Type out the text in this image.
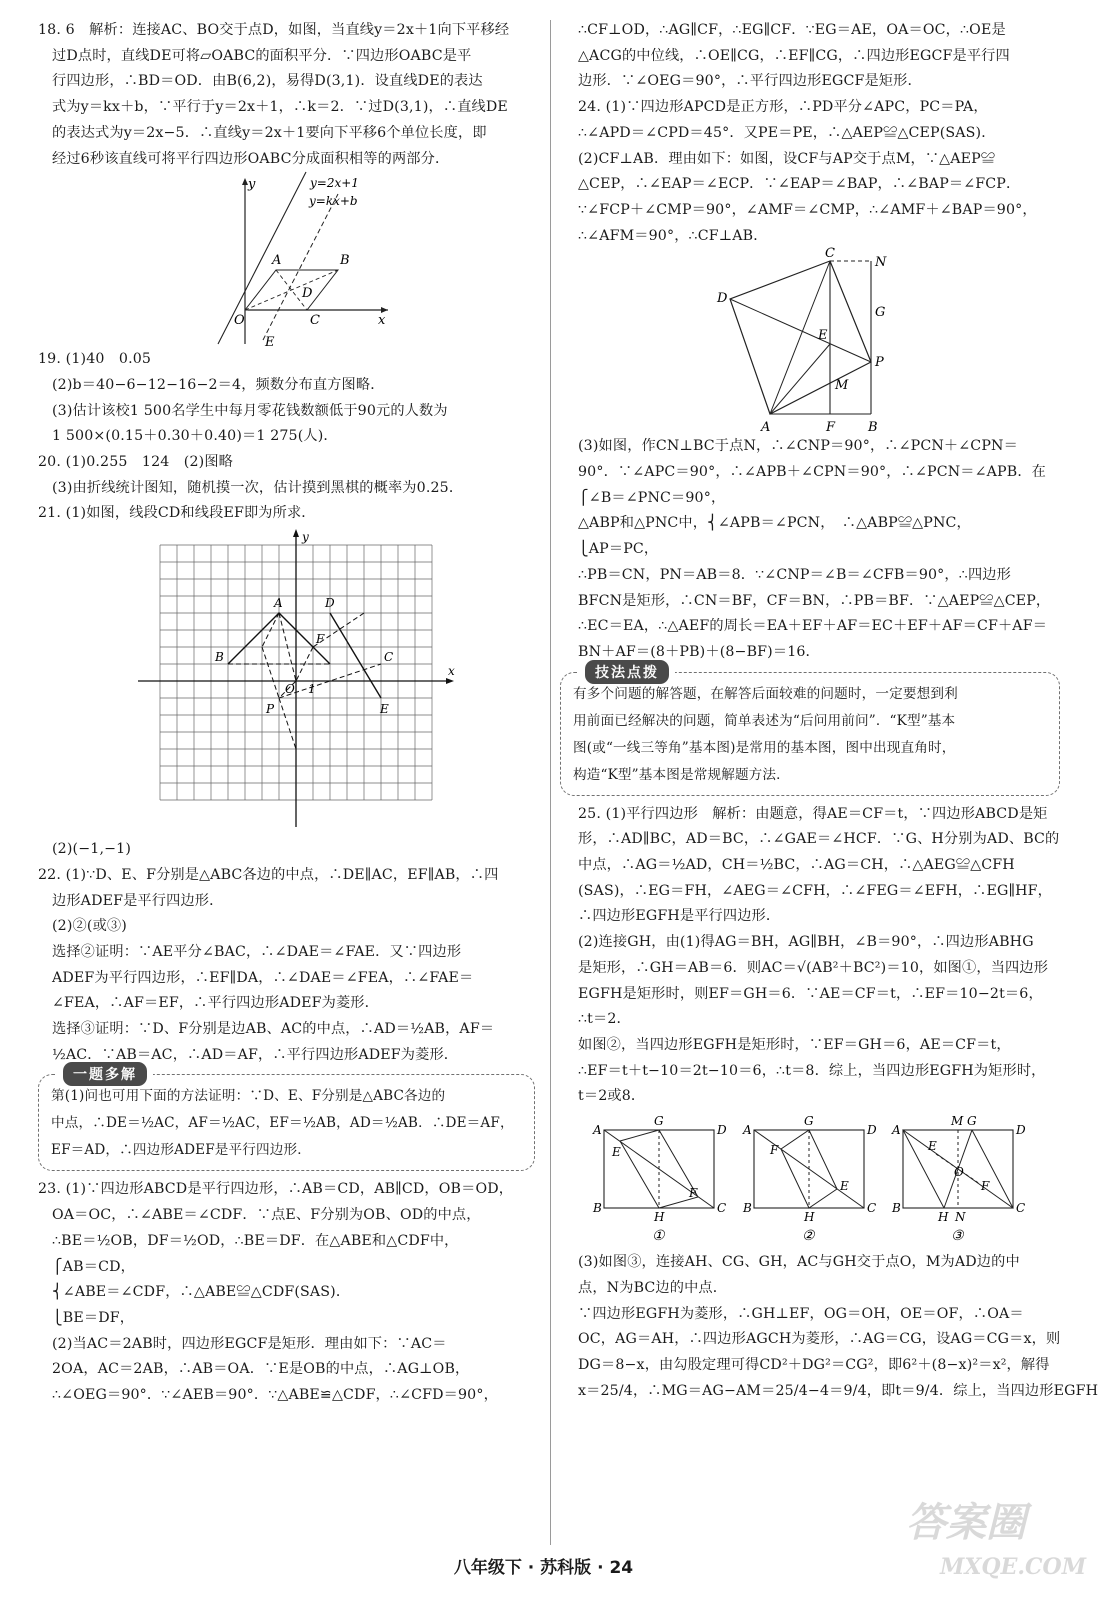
18. 6　解析：连接AC、BO交于点D，如图，当直线y＝2x＋1向下平移经
过D点时，直线DE可将▱OABC的面积平分．∵四边形OABC是平
行四边形，∴BD＝OD．由B(6,2)，易得D(3,1)．设直线DE的表达
式为y＝kx＋b，∵平行于y＝2x＋1，∴k＝2．∵过D(3,1)，∴直线DE
的表达式为y＝2x−5．∴直线y＝2x＋1要向下平移6个单位长度，即
经过6秒该直线可将平行四边形OABC分成面积相等的两部分．
y
x
y=2x+1
y=kx+b
A	B
D
O	C
E
19. (1)40　0.05
(2)b＝40−6−12−16−2＝4，频数分布直方图略．
(3)估计该校1 500名学生中每月零花钱数额低于90元的人数为
1 500×(0.15＋0.30＋0.40)＝1 275(人)．
20. (1)0.255　124　(2)图略
(3)由折线统计图知，随机摸一次，估计摸到黑棋的概率为0.25．
21. (1)如图，线段CD和线段EF即为所求．
A	D
F
B	C
O 1
P	E
y
x
(2)(−1,−1)
22. (1)∵D、E、F分别是△ABC各边的中点，∴DE∥AC，EF∥AB，∴四
边形ADEF是平行四边形．
(2)②(或③)
选择②证明：∵AE平分∠BAC，∴∠DAE＝∠FAE．又∵四边形
ADEF为平行四边形，∴EF∥DA，∴∠DAE＝∠FEA，∴∠FAE＝
∠FEA，∴AF＝EF，∴平行四边形ADEF为菱形．
选择③证明：∵D、F分别是边AB、AC的中点，∴AD＝½AB，AF＝
½AC．∵AB＝AC，∴AD＝AF，∴平行四边形ADEF为菱形．
一题多解
第(1)问也可用下面的方法证明：∵D、E、F分别是△ABC各边的
中点，∴DE＝½AC，AF＝½AC，EF＝½AB，AD＝½AB．∴DE＝AF，
EF＝AD，∴四边形ADEF是平行四边形．
23. (1)∵四边形ABCD是平行四边形，∴AB＝CD，AB∥CD，OB＝OD，
OA＝OC，∴∠ABE＝∠CDF．∵点E、F分别为OB、OD的中点，
∴BE＝½OB，DF＝½OD，∴BE＝DF．在△ABE和△CDF中，
⎧AB＝CD，
⎨∠ABE＝∠CDF，∴△ABE≌△CDF(SAS)．
⎩BE＝DF，
(2)当AC＝2AB时，四边形EGCF是矩形．理由如下：∵AC＝
2OA，AC＝2AB，∴AB＝OA．∵E是OB的中点，∴AG⊥OB，
∴∠OEG＝90°．∵∠AEB＝90°．∵△ABE≌△CDF，∴∠CFD＝90°，
∴CF⊥OD，∴AG∥CF，∴EG∥CF．∵EG＝AE，OA＝OC，∴OE是
△ACG的中位线，∴OE∥CG，∴EF∥CG，∴四边形EGCF是平行四
边形．∵∠OEG＝90°，∴平行四边形EGCF是矩形．
24. (1)∵四边形APCD是正方形，∴PD平分∠APC，PC＝PA，
∴∠APD＝∠CPD＝45°．又PE＝PE，∴△AEP≌△CEP(SAS)．
(2)CF⊥AB．理由如下：如图，设CF与AP交于点M，∵△AEP≌
△CEP，∴∠EAP＝∠ECP．∵∠EAP＝∠BAP，∴∠BAP＝∠FCP．
∵∠FCP＋∠CMP＝90°，∠AMF＝∠CMP，∴∠AMF＋∠BAP＝90°，
∴∠AFM＝90°，∴CF⊥AB．
C
N
G
D
E
P
M
A	F	B
(3)如图，作CN⊥BC于点N，∴∠CNP＝90°，∴∠PCN＋∠CPN＝
90°．∵∠APC＝90°，∴∠APB＋∠CPN＝90°，∴∠PCN＝∠APB．在
⎧∠B＝∠PNC＝90°，
△ABP和△PNC中，⎨∠APB＝∠PCN，　∴△ABP≌△PNC，
⎩AP＝PC，
∴PB＝CN，PN＝AB＝8．∵∠CNP＝∠B＝∠CFB＝90°，∴四边形
BFCN是矩形，∴CN＝BF，CF＝BN，∴PB＝BF．∵△AEP≌△CEP，
∴EC＝EA，∴△AEF的周长＝EA＋EF＋AF＝EC＋EF＋AF＝CF＋AF＝
BN＋AF＝(8＋PB)＋(8−BF)＝16．
技法点拨
有多个问题的解答题，在解答后面较难的问题时，一定要想到利
用前面已经解决的问题，简单表述为“后问用前问”．“K型”基本
图(或“一线三等角”基本图)是常用的基本图，图中出现直角时，
构造“K型”基本图是常规解题方法．
25. (1)平行四边形　解析：由题意，得AE＝CF＝t，∵四边形ABCD是矩
形，∴AD∥BC，AD＝BC，∴∠GAE＝∠HCF．∵G、H分别为AD、BC的
中点，∴AG＝½AD，CH＝½BC，∴AG＝CH，∴△AEG≌△CFH
(SAS)，∴EG＝FH，∠AEG＝∠CFH，∴∠FEG＝∠EFH，∴EG∥HF，
∴四边形EGFH是平行四边形．
(2)连接GH，由(1)得AG＝BH，AG∥BH，∠B＝90°，∴四边形ABHG
是矩形，∴GH＝AB＝6．则AC＝√(AB²＋BC²)＝10，如图①，当四边形
EGFH是矩形时，则EF＝GH＝6．∵AE＝CF＝t，∴EF＝10−2t＝6，
∴t＝2．
如图②，当四边形EGFH是矩形时，∵EF＝GH＝6，AE＝CF＝t，
∴EF＝t＋t−10＝2t−10＝6，∴t＝8．综上，当四边形EGFH为矩形时，
t＝2或8．
A
G
D
E
F
B
H
C
①
A
G
D
F
E
B
H
C
②
A
M G
D
E
O
F
B
H N
C
③
(3)如图③，连接AH、CG、GH，AC与GH交于点O，M为AD边的中
点，N为BC边的中点．
∵四边形EGFH为菱形，∴GH⊥EF，OG＝OH，OE＝OF，∴OA＝
OC，AG＝AH，∴四边形AGCH为菱形，∴AG＝CG，设AG＝CG＝x，则
DG＝8−x，由勾股定理可得CD²＋DG²＝CG²，即6²＋(8−x)²＝x²，解得
x＝25/4，∴MG＝AG−AM＝25/4−4＝9/4，即t＝9/4．综上，当四边形EGFH
八年级下 · 苏科版 · 24
答案圈
MXQE.COM
